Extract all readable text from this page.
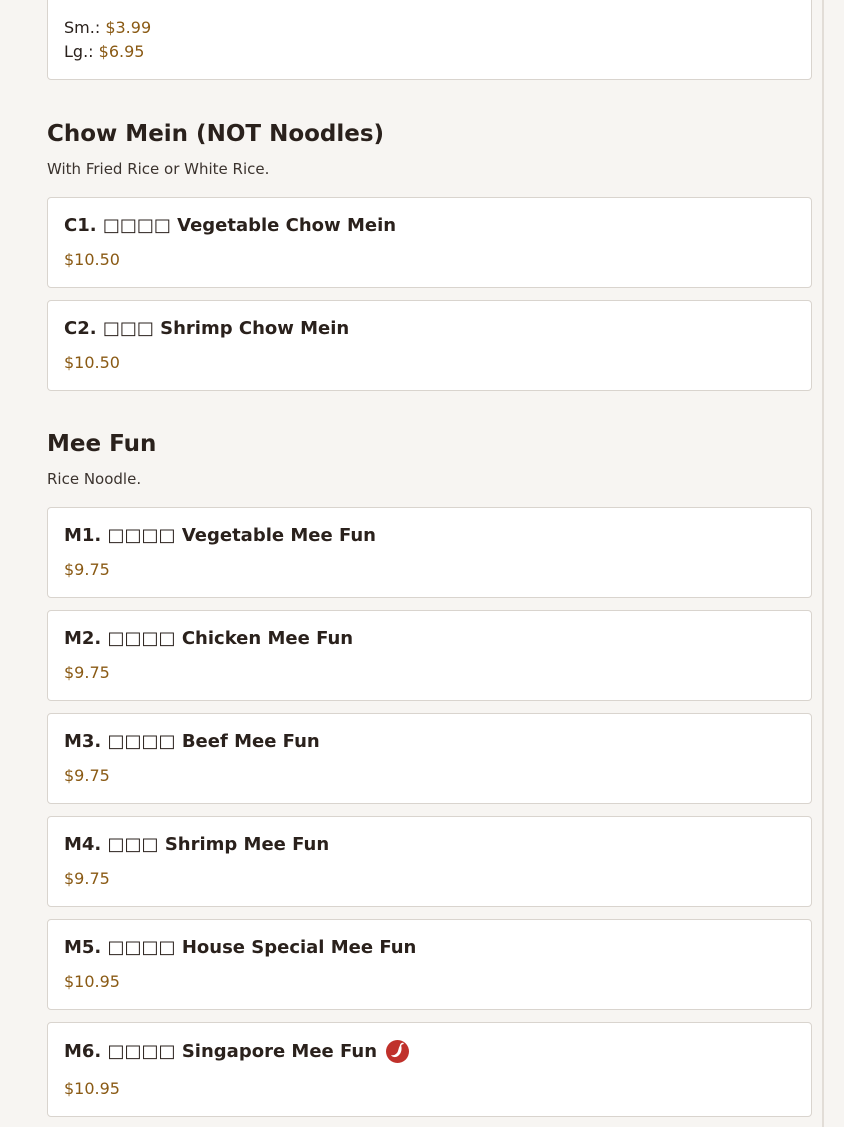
Sm.: $3.99
Lg.: $6.95
Chow Mein (NOT Noodles)
With Fried Rice or White Rice.
C1. □□□□ Vegetable Chow Mein
$10.50
C2. □□□ Shrimp Chow Mein
$10.50
Mee Fun
Rice Noodle.
M1. □□□□ Vegetable Mee Fun
$9.75
M2. □□□□ Chicken Mee Fun
$9.75
M3. □□□□ Beef Mee Fun
$9.75
M4. □□□ Shrimp Mee Fun
$9.75
M5. □□□□ House Special Mee Fun
$10.95
M6. □□□□ Singapore Mee Fun
$10.95
